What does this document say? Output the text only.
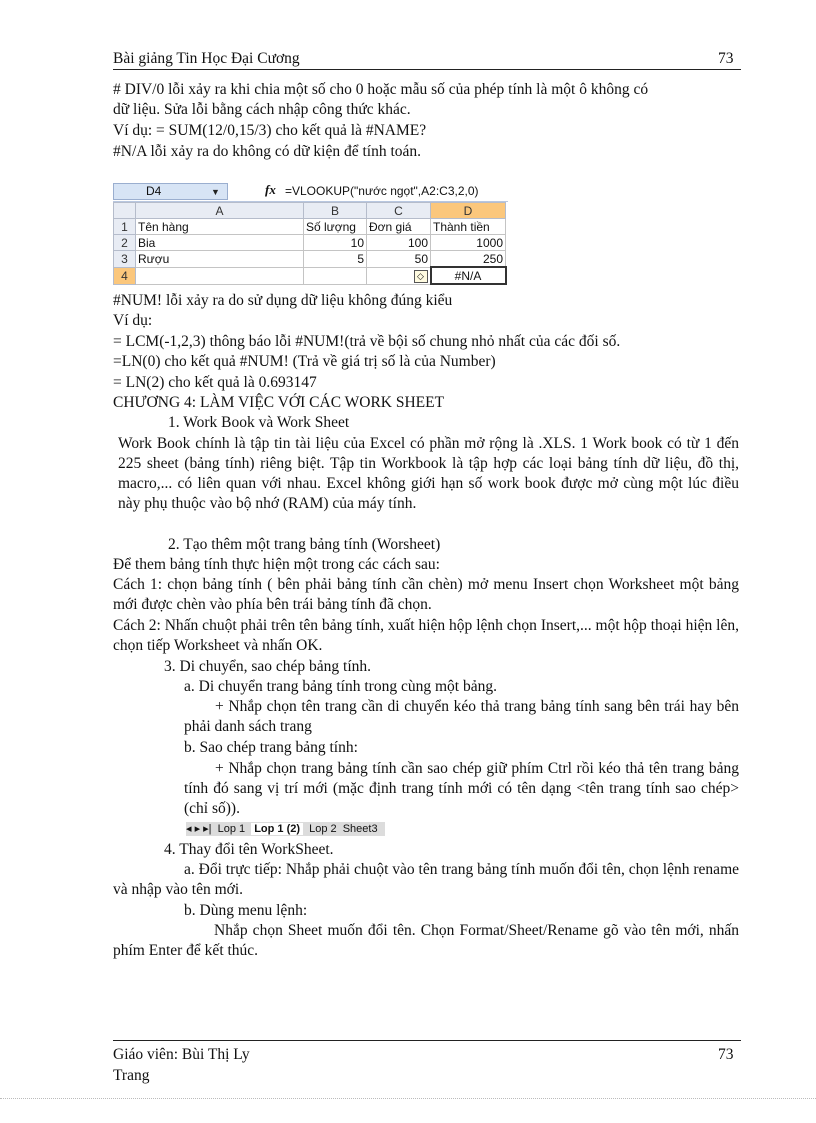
Bài giảng Tin Học Đại Cương	73
# DIV/0 lỗi xảy ra khi chia một số cho 0 hoặc mẫu số của phép tính là một ô không có
dữ liệu. Sửa lỗi bằng cách nhập công thức khác.
Ví dụ: = SUM(12/0,15/3) cho kết quả là #NAME?
#N/A lỗi xảy ra do không có dữ kiện để tính toán.
D4	▼	fx =VLOOKUP("nước ngọt",A2:C3,2,0)
	A	B	C	D
1	Tên hàng	Số lượng	Đơn giá	Thành tiền
2	Bia	10	100	1000
3	Rượu	5	50	250
4			◇	#N/A
#NUM! lỗi xảy ra do sử dụng dữ liệu không đúng kiểu
Ví dụ:
= LCM(-1,2,3) thông báo lỗi #NUM!(trả về bội số chung nhỏ nhất của các đối số.
=LN(0) cho kết quả #NUM! (Trả về giá trị số là của Number)
= LN(2) cho kết quả là 0.693147
CHƯƠNG 4: LÀM VIỆC VỚI CÁC WORK SHEET
1. Work Book và Work Sheet
Work Book chính là tập tin tài liệu của Excel có phần mở rộng là .XLS. 1 Work book có từ 1 đến 225 sheet (bảng tính) riêng biệt. Tập tin Workbook là tập hợp các loại bảng tính dữ liệu, đồ thị, macro,... có liên quan với nhau. Excel không giới hạn số work book được mở cùng một lúc điều này phụ thuộc vào bộ nhớ (RAM) của máy tính.
2. Tạo thêm một trang bảng tính (Worsheet)
Để them bảng tính thực hiện một trong các cách sau:
Cách 1: chọn bảng tính ( bên phải bảng tính cần chèn) mở menu Insert chọn Worksheet một bảng mới được chèn vào phía bên trái bảng tính đã chọn.
Cách 2: Nhấn chuột phải trên tên bảng tính, xuất hiện hộp lệnh chọn Insert,... một hộp thoại hiện lên, chọn tiếp Worksheet và nhấn OK.
3. Di chuyển, sao chép bảng tính.
a. Di chuyển trang bảng tính trong cùng một bảng.
+ Nhắp chọn tên trang cần di chuyển kéo thả trang bảng tính sang bên trái hay bên phải danh sách trang
b. Sao chép trang bảng tính:
+ Nhắp chọn trang bảng tính cần sao chép giữ phím Ctrl rồi kéo thả tên trang bảng tính đó sang vị trí mới (mặc định trang tính mới có tên dạng <tên trang tính sao chép> (chỉ số)).
◂ ▸ ▸| Lop 1 Lop 1 (2) Lop 2 Sheet3
4. Thay đổi tên WorkSheet.
a. Đổi trực tiếp: Nhắp phải chuột vào tên trang bảng tính muốn đổi tên, chọn lệnh rename và nhập vào tên mới.
b. Dùng menu lệnh:
Nhắp chọn Sheet muốn đổi tên. Chọn Format/Sheet/Rename gõ vào tên mới, nhấn phím Enter để kết thúc.
Giáo viên: Bùi Thị Ly	73
Trang
